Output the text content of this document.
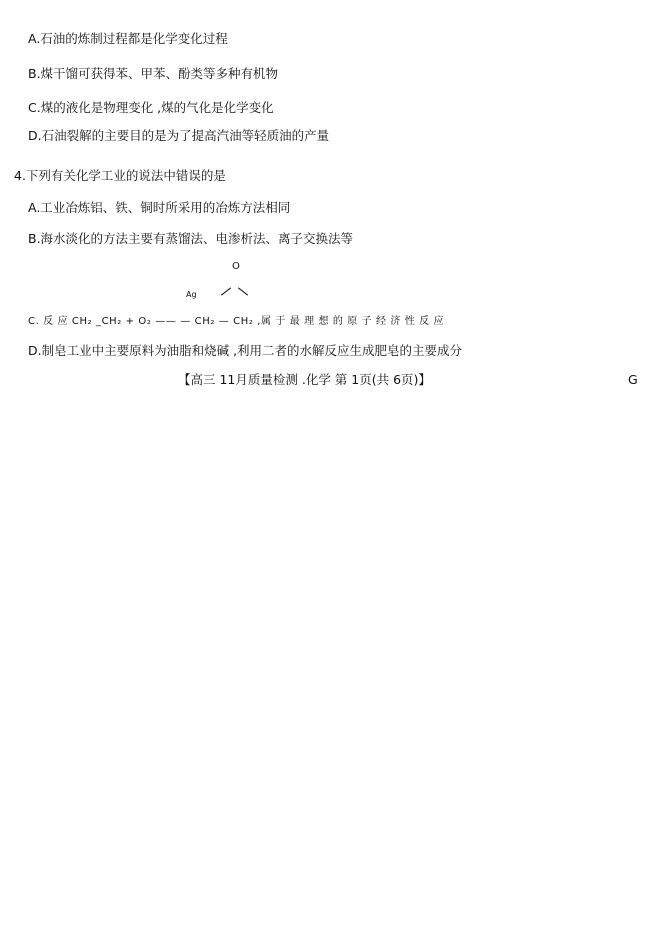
A.石油的炼制过程都是化学变化过程
B.煤干馏可获得苯、甲苯、酚类等多种有机物
C.煤的液化是物理变化 ,煤的气化是化学变化
D.石油裂解的主要目的是为了提高汽油等轻质油的产量
4.下列有关化学工业的说法中错误的是
A.工业冶炼铝、铁、铜时所采用的冶炼方法相同
B.海水淡化的方法主要有蒸馏法、电渗析法、离子交换法等
O
Ag
C. 反 应 CH₂ _CH₂ + O₂ —— — CH₂ — CH₂ ,属 于 最 理 想 的 原 子 经 济 性 反 应
D.制皂工业中主要原料为油脂和烧碱 ,利用二者的水解反应生成肥皂的主要成分
【高三 11月质量检测 .化学 第 1页(共 6页)】	G
